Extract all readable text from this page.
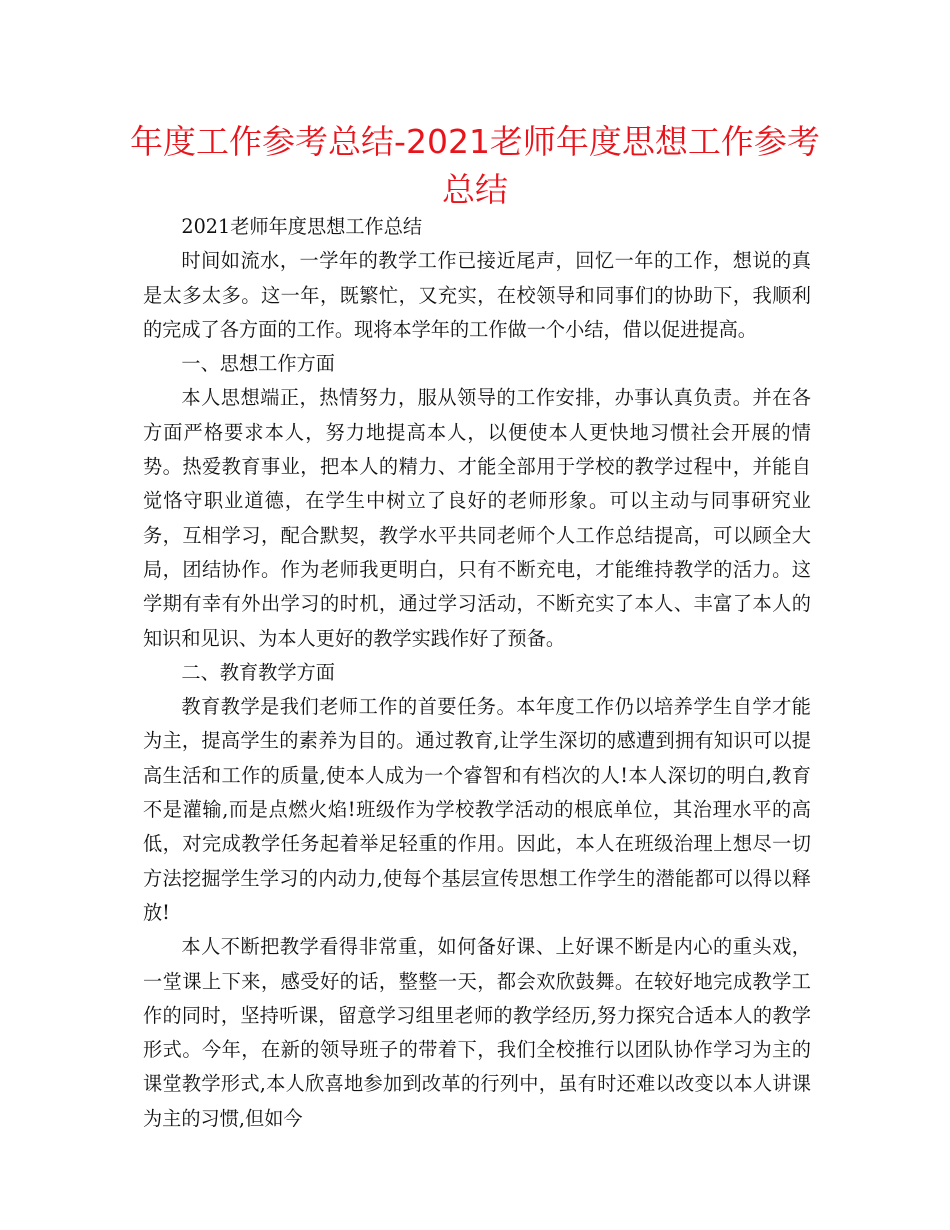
年度工作参考总结-2021老师年度思想工作参考总结

2021老师年度思想工作总结

时间如流水，一学年的教学工作已接近尾声，回忆一年的工作，想说的真是太多太多。这一年，既繁忙，又充实，在校领导和同事们的协助下，我顺利的完成了各方面的工作。现将本学年的工作做一个小结，借以促进提高。

一、思想工作方面

本人思想端正，热情努力，服从领导的工作安排，办事认真负责。并在各方面严格要求本人，努力地提高本人，以便使本人更快地习惯社会开展的情势。热爱教育事业，把本人的精力、才能全部用于学校的教学过程中，并能自觉恪守职业道德，在学生中树立了良好的老师形象。可以主动与同事研究业务，互相学习，配合默契，教学水平共同老师个人工作总结提高，可以顾全大局，团结协作。作为老师我更明白，只有不断充电，才能维持教学的活力。这学期有幸有外出学习的时机，通过学习活动，不断充实了本人、丰富了本人的知识和见识、为本人更好的教学实践作好了预备。

二、教育教学方面

教育教学是我们老师工作的首要任务。本年度工作仍以培养学生自学才能为主，提高学生的素养为目的。通过教育,让学生深切的感遭到拥有知识可以提高生活和工作的质量,使本人成为一个睿智和有档次的人!本人深切的明白,教育不是灌输,而是点燃火焰!班级作为学校教学活动的根底单位，其治理水平的高低，对完成教学任务起着举足轻重的作用。因此，本人在班级治理上想尽一切方法挖掘学生学习的内动力,使每个基层宣传思想工作学生的潜能都可以得以释放!

本人不断把教学看得非常重，如何备好课、上好课不断是内心的重头戏，一堂课上下来，感受好的话，整整一天，都会欢欣鼓舞。在较好地完成教学工作的同时，坚持听课，留意学习组里老师的教学经历,努力探究合适本人的教学形式。今年，在新的领导班子的带着下，我们全校推行以团队协作学习为主的课堂教学形式,本人欣喜地参加到改革的行列中，虽有时还难以改变以本人讲课为主的习惯,但如今
